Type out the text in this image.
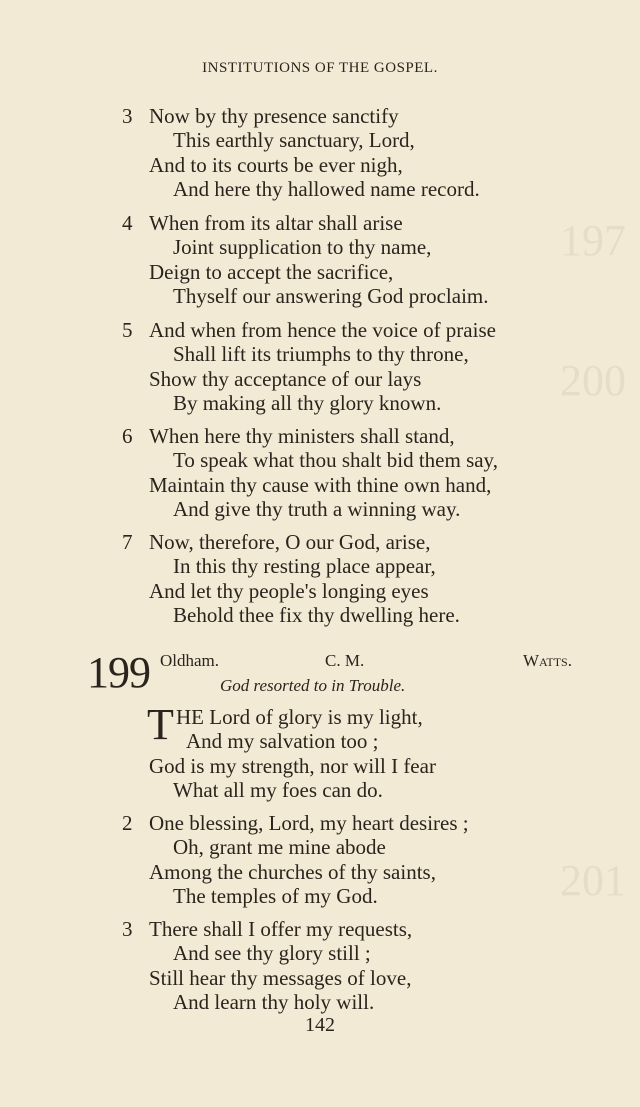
197
200
201
INSTITUTIONS OF THE GOSPEL.
3 Now by thy presence sanctify
This earthly sanctuary, Lord,
And to its courts be ever nigh,
And here thy hallowed name record.
4 When from its altar shall arise
Joint supplication to thy name,
Deign to accept the sacrifice,
Thyself our answering God proclaim.
5 And when from hence the voice of praise
Shall lift its triumphs to thy throne,
Show thy acceptance of our lays
By making all thy glory known.
6 When here thy ministers shall stand,
To speak what thou shalt bid them say,
Maintain thy cause with thine own hand,
And give thy truth a winning way.
7 Now, therefore, O our God, arise,
In this thy resting place appear,
And let thy people's longing eyes
Behold thee fix thy dwelling here.
199 Oldham.	C. M.	Watts.
God resorted to in Trouble.
T HE Lord of glory is my light,
And my salvation too ;
God is my strength, nor will I fear
What all my foes can do.
2 One blessing, Lord, my heart desires ;
Oh, grant me mine abode
Among the churches of thy saints,
The temples of my God.
3 There shall I offer my requests,
And see thy glory still ;
Still hear thy messages of love,
And learn thy holy will.
142
